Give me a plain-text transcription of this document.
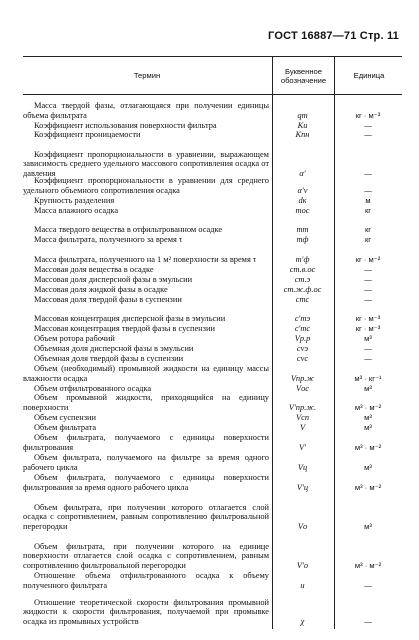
ГОСТ 16887—71 Стр. 11
Термин	Буквенное обозначение	Единица

Масса твердой фазы, отлагающаяся при получении единицы объема фильтрата	qт	кг · м⁻³

Коэффициент использования поверхности фильтра	Kи	—

Коэффициент проницаемости	Kпн	—

Коэффициент пропорциональности в уравнении, выражающем зависимость среднего удельного массового сопротивления осадка от давления	α′	—

Коэффициент пропорциональности в уравнении для среднего удельного объемного сопротивления осадка	α′v	—

Крупность разделения	dк	м

Масса влажного осадка	mос	кг

Масса твердого вещества в отфильтрованном осадке	mт	кг

Масса фильтрата, полученного за время τ	mф	кг

Масса фильтрата, полученного на 1 м² поверхности за время τ	m′ф	кг · м⁻²

Массовая доля вещества в осадке	cm.в.ос	—

Массовая доля дисперсной фазы в эмульсии	cm.э	—

Массовая доля жидкой фазы в осадке	cm.ж.ф.ос	—

Массовая доля твердой фазы в суспензии	cmc	—

Массовая концентрация дисперсной фазы в эмульсии	c′mэ	кг · м⁻³

Массовая концентрация твердой фазы в суспензии	c′mc	кг · м⁻³

Объем ротора рабочий	Vр.р	м³

Объемная доля дисперсной фазы в эмульсии	cvэ	—

Объемная доля твердой фазы в суспензии	cvc	—

Объем (необходимый) промывной жидкости на единицу массы влажности осадка	Vпр.ж	м³ · кг⁻¹

Объем отфильтрованного осадка	Vос	м³

Объем промывной жидкости, приходящийся на единицу поверхности	V′пр.ж.	м³ · м⁻²

Объем суспензии	Vсп	м³

Объем фильтрата	V	м³

Объем фильтрата, получаемого с единицы поверхности фильтрования	V′	м³ · м⁻²

Объем фильтрата, получаемого на фильтре за время одного рабочего цикла	Vц	м³

Объем фильтрата, получаемого с единицы поверхности фильтрования за время одного рабочего цикла	V′ц	м³ · м⁻²

Объем фильтрата, при получении которого отлагается слой осадка с сопротивлением, равным сопротивлению фильтровальной перегородки	Vо	м³

Объем фильтрата, при получении которого на единице поверхности отлагается слой осадка с сопротивлением, равным сопротивлению фильтровальной перегородки	V′о	м³ · м⁻²

Отношение объема отфильтрованного осадка к объему полученного фильтрата	u	—

Отношение теоретической скорости фильтрования промывной жидкости к скорости фильтрования, получаемой при промывке осадка из промывных устройств	χ	—
